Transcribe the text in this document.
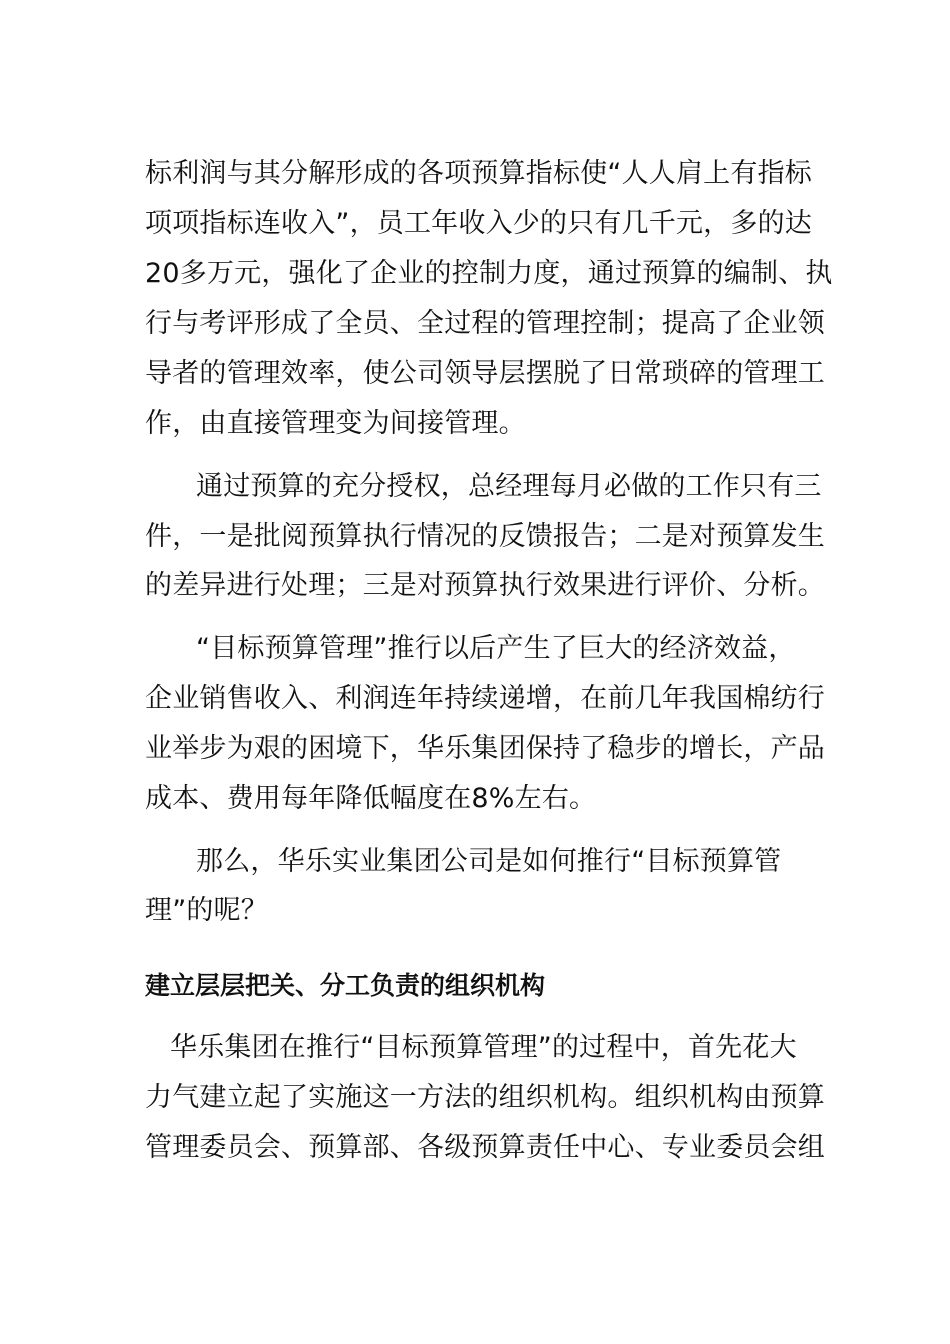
标利润与其分解形成的各项预算指标使“人人肩上有指标
项项指标连收入”，员工年收入少的只有几千元，多的达
20多万元，强化了企业的控制力度，通过预算的编制、执
行与考评形成了全员、全过程的管理控制；提高了企业领
导者的管理效率，使公司领导层摆脱了日常琐碎的管理工
作，由直接管理变为间接管理。
通过预算的充分授权，总经理每月必做的工作只有三
件，一是批阅预算执行情况的反馈报告；二是对预算发生
的差异进行处理；三是对预算执行效果进行评价、分析。
“目标预算管理”推行以后产生了巨大的经济效益，
企业销售收入、利润连年持续递增，在前几年我国棉纺行
业举步为艰的困境下，华乐集团保持了稳步的增长，产品
成本、费用每年降低幅度在8%左右。
那么，华乐实业集团公司是如何推行“目标预算管
理”的呢？
建立层层把关、分工负责的组织机构
华乐集团在推行“目标预算管理”的过程中，首先花大
力气建立起了实施这一方法的组织机构。组织机构由预算
管理委员会、预算部、各级预算责任中心、专业委员会组
